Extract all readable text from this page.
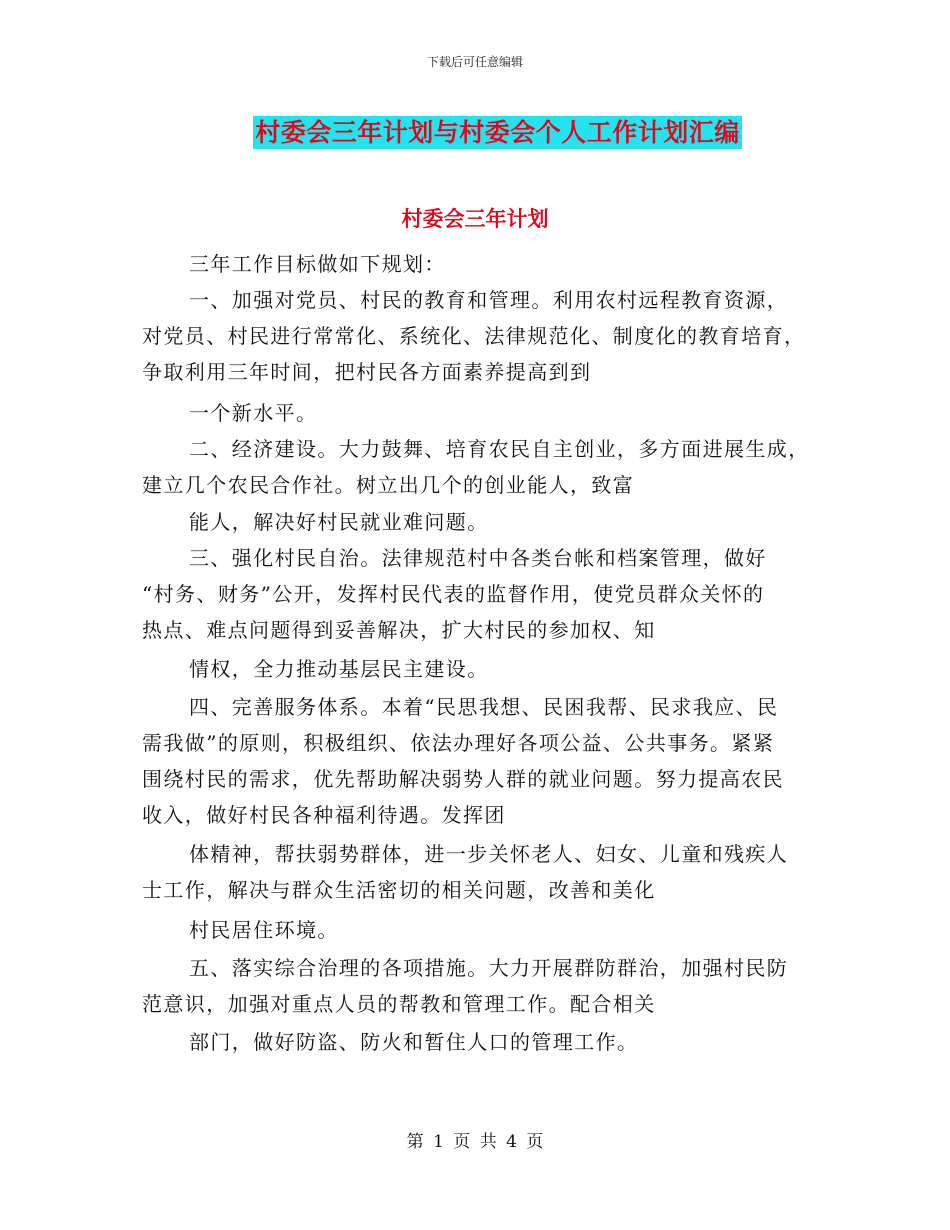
下载后可任意编辑
村委会三年计划与村委会个人工作计划汇编
村委会三年计划
三年工作目标做如下规划：
一、加强对党员、村民的教育和管理。利用农村远程教育资源，
对党员、村民进行常常化、系统化、法律规范化、制度化的教育培育，
争取利用三年时间，把村民各方面素养提高到到
一个新水平。
二、经济建设。大力鼓舞、培育农民自主创业，多方面进展生成，
建立几个农民合作社。树立出几个的创业能人，致富
能人，解决好村民就业难问题。
三、强化村民自治。法律规范村中各类台帐和档案管理，做好
“村务、财务”公开，发挥村民代表的监督作用，使党员群众关怀的
热点、难点问题得到妥善解决，扩大村民的参加权、知
情权，全力推动基层民主建设。
四、完善服务体系。本着“民思我想、民困我帮、民求我应、民
需我做”的原则，积极组织、依法办理好各项公益、公共事务。紧紧
围绕村民的需求，优先帮助解决弱势人群的就业问题。努力提高农民
收入，做好村民各种福利待遇。发挥团
体精神，帮扶弱势群体，进一步关怀老人、妇女、儿童和残疾人
士工作，解决与群众生活密切的相关问题，改善和美化
村民居住环境。
五、落实综合治理的各项措施。大力开展群防群治，加强村民防
范意识，加强对重点人员的帮教和管理工作。配合相关
部门，做好防盗、防火和暂住人口的管理工作。
第 1 页 共 4 页
